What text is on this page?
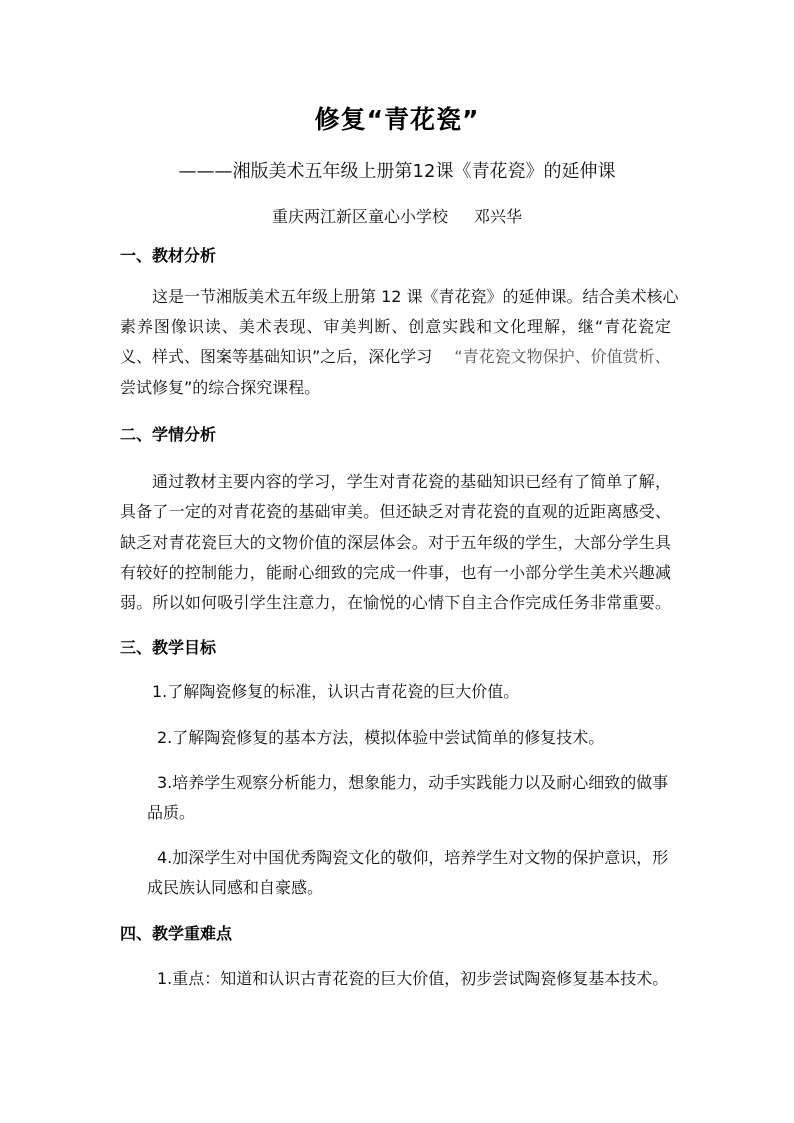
修复“青花瓷”
———湘版美术五年级上册第12课《青花瓷》的延伸课
重庆两江新区童心小学校 邓兴华
一、教材分析
这是一节湘版美术五年级上册第 12 课《青花瓷》的延伸课。结合美术核心
素养图像识读、美术表现、审美判断、创意实践和文化理解，继“青花瓷定
义、样式、图案等基础知识”之后，深化学习 “青花瓷文物保护、价值赏析、
尝试修复”的综合探究课程。
二、学情分析
通过教材主要内容的学习，学生对青花瓷的基础知识已经有了简单了解，
具备了一定的对青花瓷的基础审美。但还缺乏对青花瓷的直观的近距离感受、
缺乏对青花瓷巨大的文物价值的深层体会。对于五年级的学生，大部分学生具
有较好的控制能力，能耐心细致的完成一件事，也有一小部分学生美术兴趣减
弱。所以如何吸引学生注意力，在愉悦的心情下自主合作完成任务非常重要。
三、教学目标
1.了解陶瓷修复的标准，认识古青花瓷的巨大价值。
2.了解陶瓷修复的基本方法，模拟体验中尝试简单的修复技术。
3.培养学生观察分析能力，想象能力，动手实践能力以及耐心细致的做事
品质。
4.加深学生对中国优秀陶瓷文化的敬仰，培养学生对文物的保护意识，形
成民族认同感和自豪感。
四、教学重难点
1.重点：知道和认识古青花瓷的巨大价值，初步尝试陶瓷修复基本技术。
